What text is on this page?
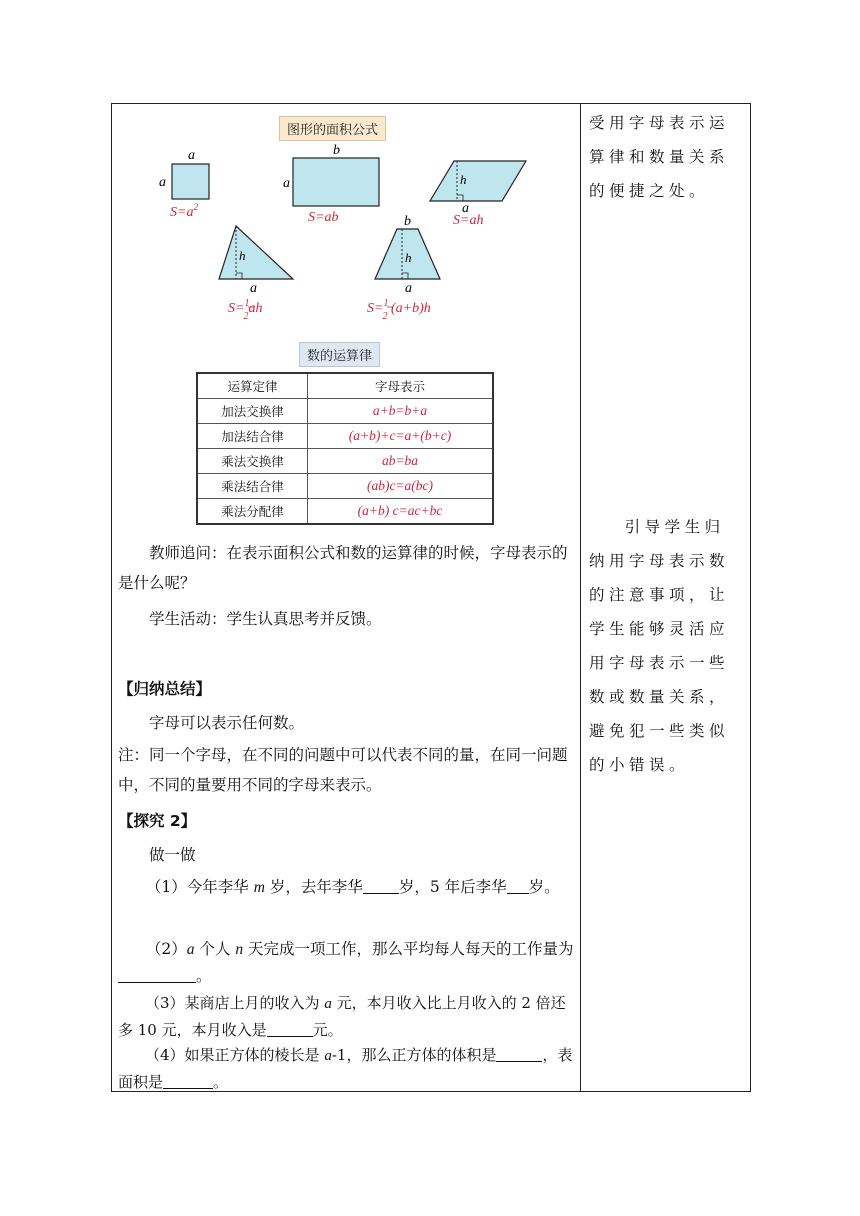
图形的面积公式
a
a
$S=a^2$
b
a
S=ab
h
a
S=ah
h
a
S=$^1$ 2ah
b
h
a
S=$^1$ 2 (a+b)h
数的运算律
运算定律	字母表示
加法交换律	a+b=b+a
加法结合律	(a+b)+c=a+(b+c)
乘法交换律	ab=ba
乘法结合律	(ab)c=a(bc)
乘法分配律	(a+b) c=ac+bc
教师追问：在表示面积公式和数的运算律的时候，字母表示的是什么呢？
学生活动：学生认真思考并反馈。
【归纳总结】
字母可以表示任何数。
注：同一个字母，在不同的问题中可以代表不同的量，在同一问题中，不同的量要用不同的字母来表示。
【探究 2】
做一做
（1）今年李华 m 岁，去年李华 岁，5 年后李华 岁。
（2）a 个人 n 天完成一项工作，那么平均每人每天的工作量为。
（3）某商店上月的收入为 a 元，本月收入比上月收入的 2 倍还多 10 元，本月收入是	元。
（4）如果正方体的棱长是 a-1，那么正方体的体积是	，表面积是	。
受用字母表示运算律和数量关系的便捷之处。
引导学生归纳用字母表示数的注意事项，让学生能够灵活应用字母表示一些数或数量关系，避免犯一些类似的小错误。
